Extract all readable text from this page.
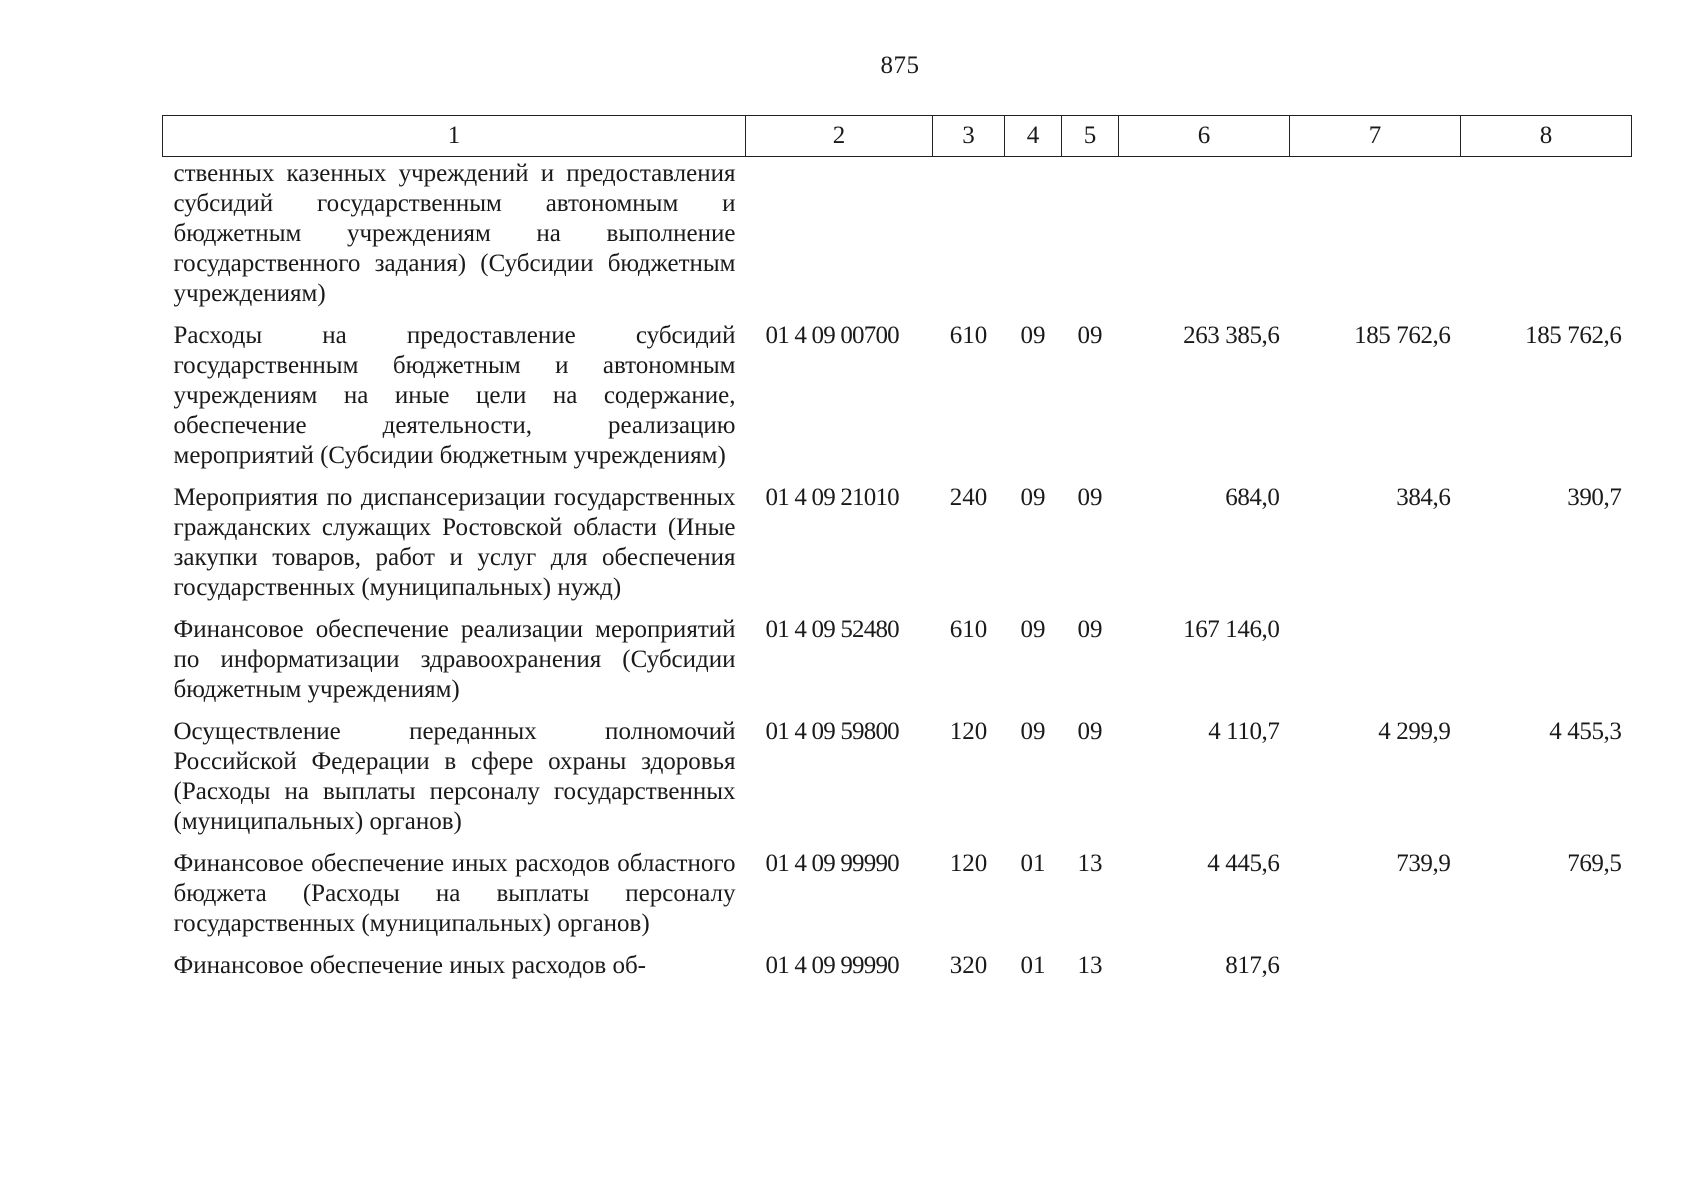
875
1	2	3	4	5	6	7	8
ственных казенных учреждений и предоставления субсидий государственным автономным и бюджетным учреждениям на выполнение государственного задания) (Субсидии бюджетным учреждениям)							
Расходы на предоставление субсидий государственным бюджетным и автономным учреждениям на иные цели на содержание, обеспечение деятельности, реализацию мероприятий (Субсидии бюджетным учреждениям)	01 4 09 00700	610	09	09	263 385,6	185 762,6	185 762,6
Мероприятия по диспансеризации государственных гражданских служащих Ростовской области (Иные закупки товаров, работ и услуг для обеспечения государственных (муниципальных) нужд)	01 4 09 21010	240	09	09	684,0	384,6	390,7
Финансовое обеспечение реализации мероприятий по информатизации здравоохранения (Субсидии бюджетным учреждениям)	01 4 09 52480	610	09	09	167 146,0		
Осуществление переданных полномочий Российской Федерации в сфере охраны здоровья (Расходы на выплаты персоналу государственных (муниципальных) органов)	01 4 09 59800	120	09	09	4 110,7	4 299,9	4 455,3
Финансовое обеспечение иных расходов областного бюджета (Расходы на выплаты персоналу государственных (муниципальных) органов)	01 4 09 99990	120	01	13	4 445,6	739,9	769,5
Финансовое обеспечение иных расходов об-	01 4 09 99990	320	01	13	817,6		
